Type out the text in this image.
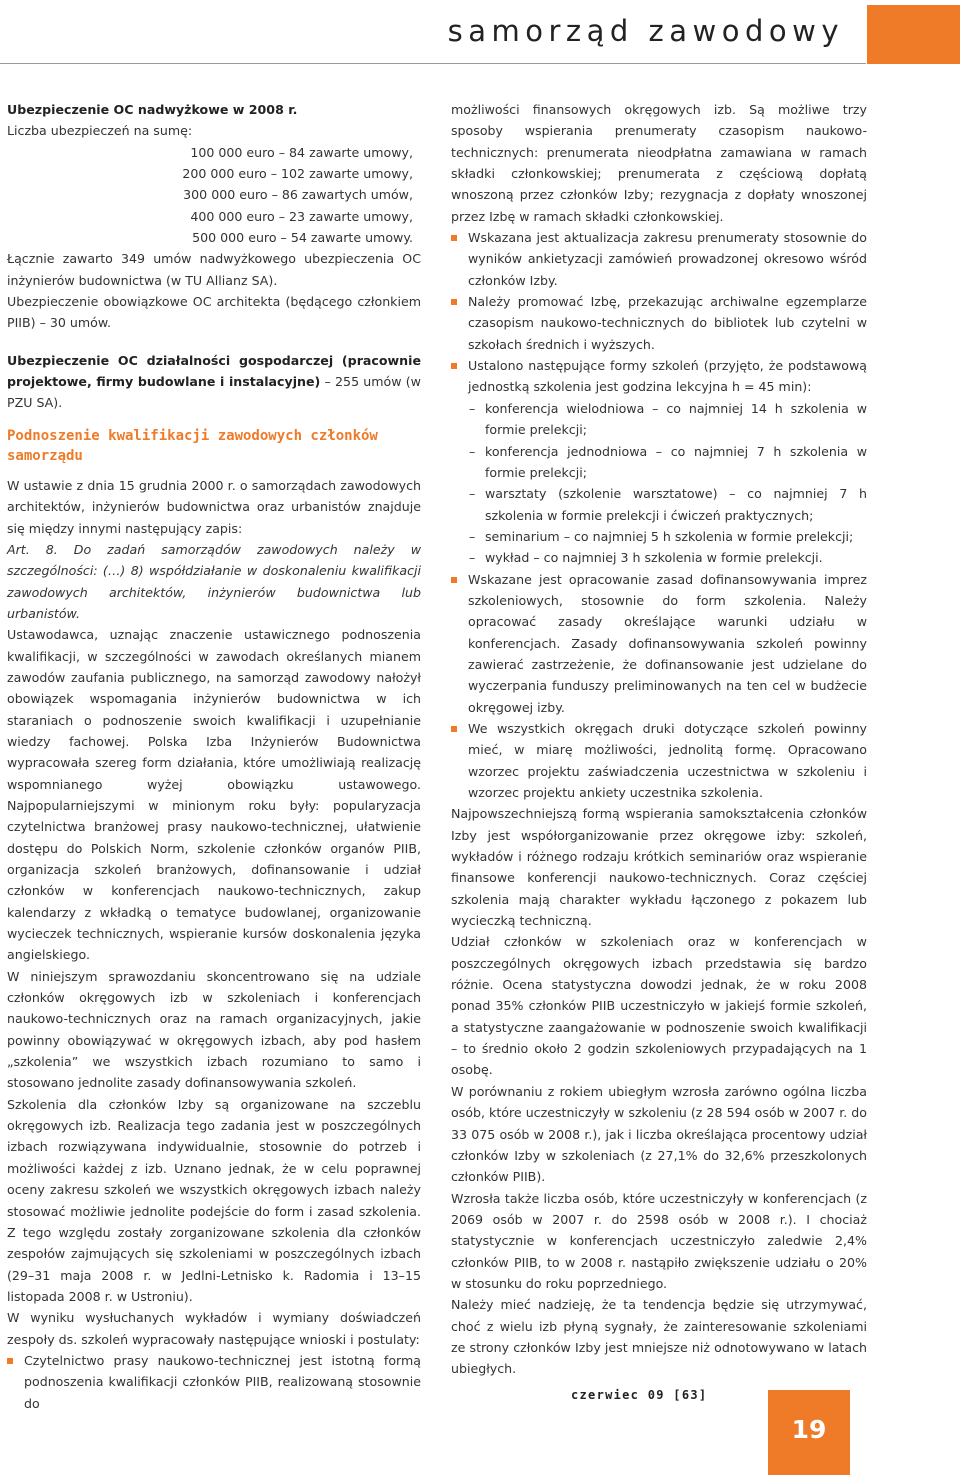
samorząd zawodowy

Ubezpieczenie OC nadwyżkowe w 2008 r.

Liczba ubezpieczeń na sumę:

100 000 euro – 84 zawarte umowy,

200 000 euro – 102 zawarte umowy,

300 000 euro – 86 zawartych umów,

400 000 euro – 23 zawarte umowy,

500 000 euro – 54 zawarte umowy.

Łącznie zawarto 349 umów nadwyżkowego ubezpieczenia OC inżynierów budownictwa (w TU Allianz SA).

Ubezpieczenie obowiązkowe OC architekta (będącego członkiem PIIB) – 30 umów.

Ubezpieczenie OC działalności gospodarczej (pracownie projektowe, firmy budowlane i instalacyjne) – 255 umów (w PZU SA).

Podnoszenie kwalifikacji zawodowych członków samorządu

W ustawie z dnia 15 grudnia 2000 r. o samorządach zawodowych architektów, inżynierów budownictwa oraz urbanistów znajduje się między innymi następujący zapis:

Art. 8. Do zadań samorządów zawodowych należy w szczególności: (…) 8) współdziałanie w doskonaleniu kwalifikacji zawodowych architektów, inżynierów budownictwa lub urbanistów.

Ustawodawca, uznając znaczenie ustawicznego podnoszenia kwalifikacji, w szczególności w zawodach określanych mianem zawodów zaufania publicznego, na samorząd zawodowy nałożył obowiązek wspomagania inżynierów budownictwa w ich staraniach o podnoszenie swoich kwalifikacji i uzupełnianie wiedzy fachowej. Polska Izba Inżynierów Budownictwa wypracowała szereg form działania, które umożliwiają realizację wspomnianego wyżej obowiązku ustawowego. Najpopularniejszymi w minionym roku były: popularyzacja czytelnictwa branżowej prasy naukowo-technicznej, ułatwienie dostępu do Polskich Norm, szkolenie członków organów PIIB, organizacja szkoleń branżowych, dofinansowanie i udział członków w konferencjach naukowo-technicznych, zakup kalendarzy z wkładką o tematyce budowlanej, organizowanie wycieczek technicznych, wspieranie kursów doskonalenia języka angielskiego.

W niniejszym sprawozdaniu skoncentrowano się na udziale członków okręgowych izb w szkoleniach i konferencjach naukowo-technicznych oraz na ramach organizacyjnych, jakie powinny obowiązywać w okręgowych izbach, aby pod hasłem „szkolenia” we wszystkich izbach rozumiano to samo i stosowano jednolite zasady dofinansowywania szkoleń.

Szkolenia dla członków Izby są organizowane na szczeblu okręgowych izb. Realizacja tego zadania jest w poszczególnych izbach rozwiązywana indywidualnie, stosownie do potrzeb i możliwości każdej z izb. Uznano jednak, że w celu poprawnej oceny zakresu szkoleń we wszystkich okręgowych izbach należy stosować możliwie jednolite podejście do form i zasad szkolenia. Z tego względu zostały zorganizowane szkolenia dla członków zespołów zajmujących się szkoleniami w poszczególnych izbach (29–31 maja 2008 r. w Jedlni-Letnisko k. Radomia i 13–15 listopada 2008 r. w Ustroniu).

W wyniku wysłuchanych wykładów i wymiany doświadczeń zespoły ds. szkoleń wypracowały następujące wnioski i postulaty:

Czytelnictwo prasy naukowo-technicznej jest istotną formą podnoszenia kwalifikacji członków PIIB, realizowaną stosownie do

możliwości finansowych okręgowych izb. Są możliwe trzy sposoby wspierania prenumeraty czasopism naukowo-technicznych: prenumerata nieodpłatna zamawiana w ramach składki członkowskiej; prenumerata z częściową dopłatą wnoszoną przez członków Izby; rezygnacja z dopłaty wnoszonej przez Izbę w ramach składki członkowskiej.

Wskazana jest aktualizacja zakresu prenumeraty stosownie do wyników ankietyzacji zamówień prowadzonej okresowo wśród członków Izby.

Należy promować Izbę, przekazując archiwalne egzemplarze czasopism naukowo-technicznych do bibliotek lub czytelni w szkołach średnich i wyższych.

Ustalono następujące formy szkoleń (przyjęto, że podstawową jednostką szkolenia jest godzina lekcyjna h = 45 min):

– konferencja wielodniowa – co najmniej 14 h szkolenia w formie prelekcji;

– konferencja jednodniowa – co najmniej 7 h szkolenia w formie prelekcji;

– warsztaty (szkolenie warsztatowe) – co najmniej 7 h szkolenia w formie prelekcji i ćwiczeń praktycznych;

– seminarium – co najmniej 5 h szkolenia w formie prelekcji;

– wykład – co najmniej 3 h szkolenia w formie prelekcji.

Wskazane jest opracowanie zasad dofinansowywania imprez szkoleniowych, stosownie do form szkolenia. Należy opracować zasady określające warunki udziału w konferencjach. Zasady dofinansowywania szkoleń powinny zawierać zastrzeżenie, że dofinansowanie jest udzielane do wyczerpania funduszy preliminowanych na ten cel w budżecie okręgowej izby.

We wszystkich okręgach druki dotyczące szkoleń powinny mieć, w miarę możliwości, jednolitą formę. Opracowano wzorzec projektu zaświadczenia uczestnictwa w szkoleniu i wzorzec projektu ankiety uczestnika szkolenia.

Najpowszechniejszą formą wspierania samokształcenia członków Izby jest współorganizowanie przez okręgowe izby: szkoleń, wykładów i różnego rodzaju krótkich seminariów oraz wspieranie finansowe konferencji naukowo-technicznych. Coraz częściej szkolenia mają charakter wykładu łączonego z pokazem lub wycieczką techniczną.

Udział członków w szkoleniach oraz w konferencjach w poszczególnych okręgowych izbach przedstawia się bardzo różnie. Ocena statystyczna dowodzi jednak, że w roku 2008 ponad 35% członków PIIB uczestniczyło w jakiejś formie szkoleń, a statystyczne zaangażowanie w podnoszenie swoich kwalifikacji – to średnio około 2 godzin szkoleniowych przypadających na 1 osobę.

W porównaniu z rokiem ubiegłym wzrosła zarówno ogólna liczba osób, które uczestniczyły w szkoleniu (z 28 594 osób w 2007 r. do 33 075 osób w 2008 r.), jak i liczba określająca procentowy udział członków Izby w szkoleniach (z 27,1% do 32,6% przeszkolonych członków PIIB).

Wzrosła także liczba osób, które uczestniczyły w konferencjach (z 2069 osób w 2007 r. do 2598 osób w 2008 r.). I chociaż statystycznie w konferencjach uczestniczyło zaledwie 2,4% członków PIIB, to w 2008 r. nastąpiło zwiększenie udziału o 20% w stosunku do roku poprzedniego.

Należy mieć nadzieję, że ta tendencja będzie się utrzymywać, choć z wielu izb płyną sygnały, że zainteresowanie szkoleniami ze strony członków Izby jest mniejsze niż odnotowywano w latach ubiegłych.

czerwiec 09 [63]
19
